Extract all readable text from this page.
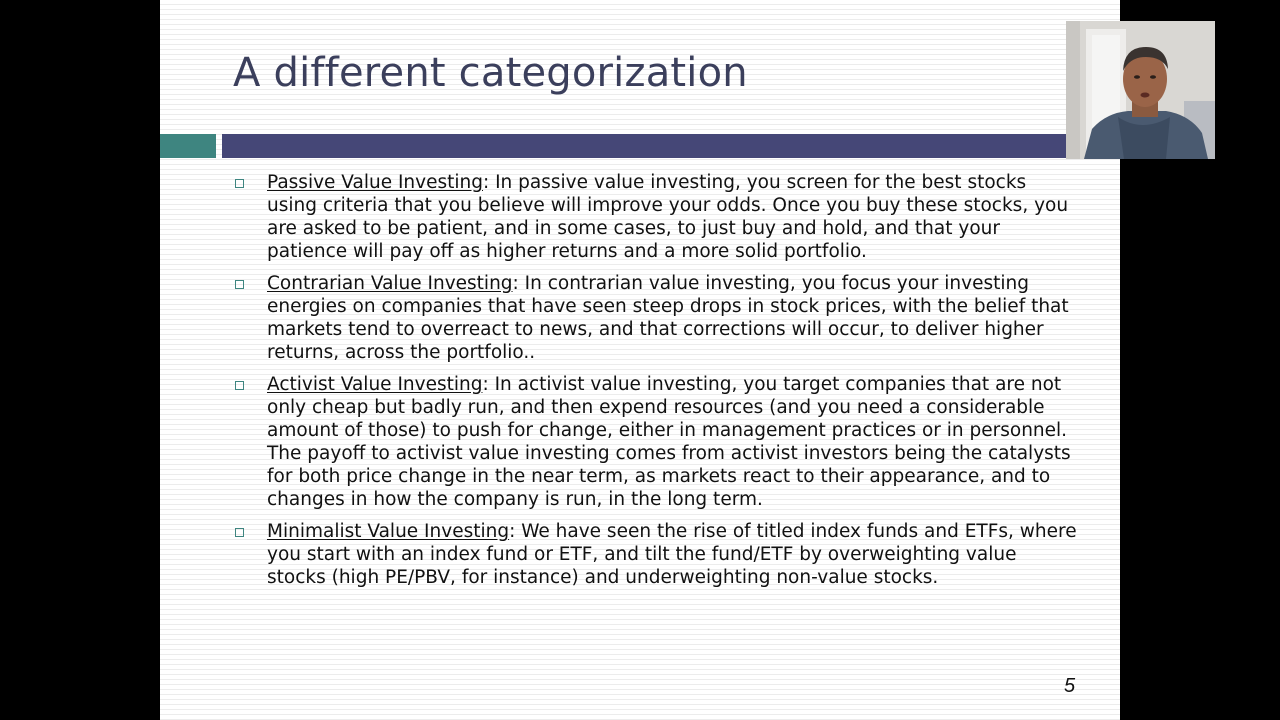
A different categorization
Passive Value Investing: In passive value investing, you screen for the best stocks using criteria that you believe will improve your odds. Once you buy these stocks, you are asked to be patient, and in some cases, to just buy and hold, and that your patience will pay off as higher returns and a more solid portfolio.
Contrarian Value Investing: In contrarian value investing, you focus your investing energies on companies that have seen steep drops in stock prices, with the belief that markets tend to overreact to news, and that corrections will occur, to deliver higher returns, across the portfolio..
Activist Value Investing: In activist value investing, you target companies that are not only cheap but badly run, and then expend resources (and you need a considerable amount of those) to push for change, either in management practices or in personnel. The payoff to activist value investing comes from activist investors being the catalysts for both price change in the near term, as markets react to their appearance, and to changes in how the company is run, in the long term.
Minimalist Value Investing: We have seen the rise of titled index funds and ETFs, where you start with an index fund or ETF, and tilt the fund/ETF by overweighting value stocks (high PE/PBV, for instance) and underweighting non-value stocks.
5
